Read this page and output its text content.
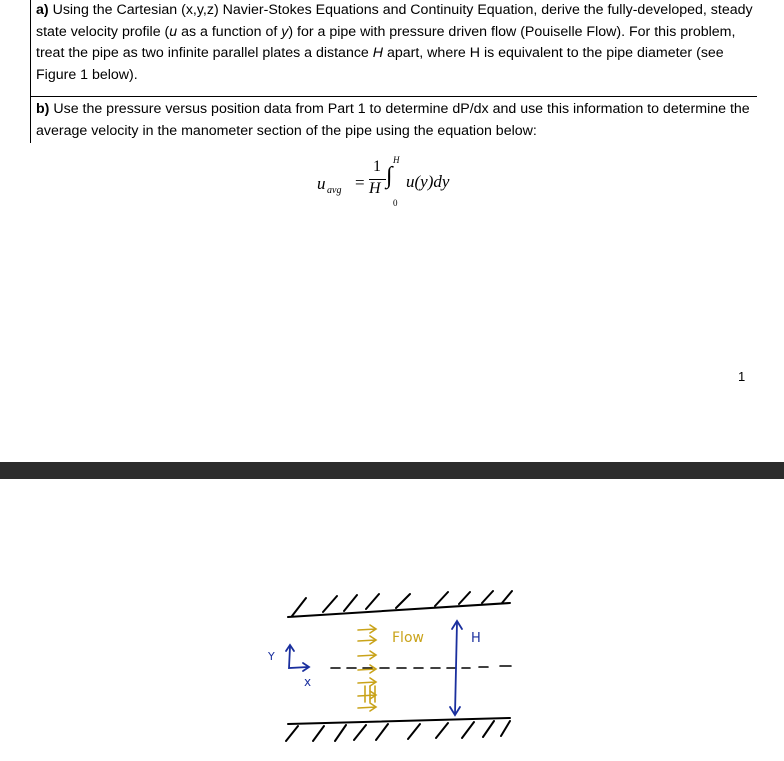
a) Using the Cartesian (x,y,z) Navier-Stokes Equations and Continuity Equation, derive the fully-developed, steady state velocity profile (u as a function of y) for a pipe with pressure driven flow (Pouiselle Flow). For this problem, treat the pipe as two infinite parallel plates a distance H apart, where H is equivalent to the pipe diameter (see Figure 1 below).
b) Use the pressure versus position data from Part 1 to determine dP/dx and use this information to determine the average velocity in the manometer section of the pipe using the equation below:
u avg =
1
H
H
∫
0
u(y)dy
1
Flow	H
Y
x
